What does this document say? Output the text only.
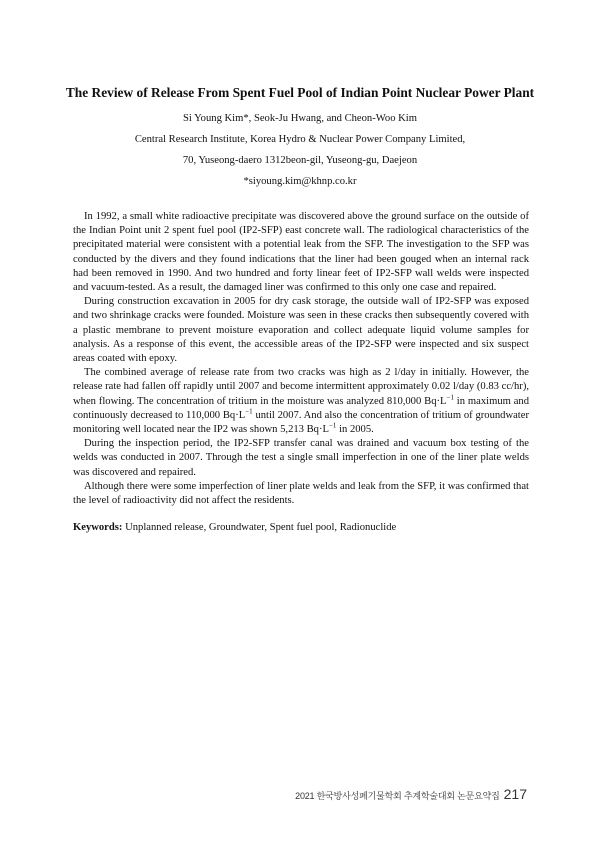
The Review of Release From Spent Fuel Pool of Indian Point Nuclear Power Plant
Si Young Kim*, Seok-Ju Hwang, and Cheon-Woo Kim
Central Research Institute, Korea Hydro & Nuclear Power Company Limited,
70, Yuseong-daero 1312beon-gil, Yuseong-gu, Daejeon
*siyoung.kim@khnp.co.kr

In 1992, a small white radioactive precipitate was discovered above the ground surface on the outside of the Indian Point unit 2 spent fuel pool (IP2-SFP) east concrete wall. The radiological characteristics of the precipitated material were consistent with a potential leak from the SFP. The investigation to the SFP was conducted by the divers and they found indications that the liner had been gouged when an internal rack had been removed in 1990. And two hundred and forty linear feet of IP2-SFP wall welds were inspected and vacuum-tested. As a result, the damaged liner was confirmed to this only one case and repaired.

During construction excavation in 2005 for dry cask storage, the outside wall of IP2-SFP was exposed and two shrinkage cracks were founded. Moisture was seen in these cracks then subsequently covered with a plastic membrane to prevent moisture evaporation and collect adequate liquid volume samples for analysis. As a response of this event, the accessible areas of the IP2-SFP were inspected and six suspect areas coated with epoxy.

The combined average of release rate from two cracks was high as 2 l/day in initially. However, the release rate had fallen off rapidly until 2007 and become intermittent approximately 0.02 l/day (0.83 cc/hr), when flowing. The concentration of tritium in the moisture was analyzed 810,000 $Bq\cdot L^{-1}$ in maximum and continuously decreased to 110,000 $Bq\cdot L^{-1}$ until 2007. And also the concentration of tritium of groundwater monitoring well located near the IP2 was shown 5,213 $Bq\cdot L^{-1}$ in 2005.

During the inspection period, the IP2-SFP transfer canal was drained and vacuum box testing of the welds was conducted in 2007. Through the test a single small imperfection in one of the liner plate welds was discovered and repaired.

Although there were some imperfection of liner plate welds and leak from the SFP, it was confirmed that the level of radioactivity did not affect the residents.

Keywords: Unplanned release, Groundwater, Spent fuel pool, Radionuclide

2021 한국방사성폐기물학회 추계학술대회 논문요약집 217
